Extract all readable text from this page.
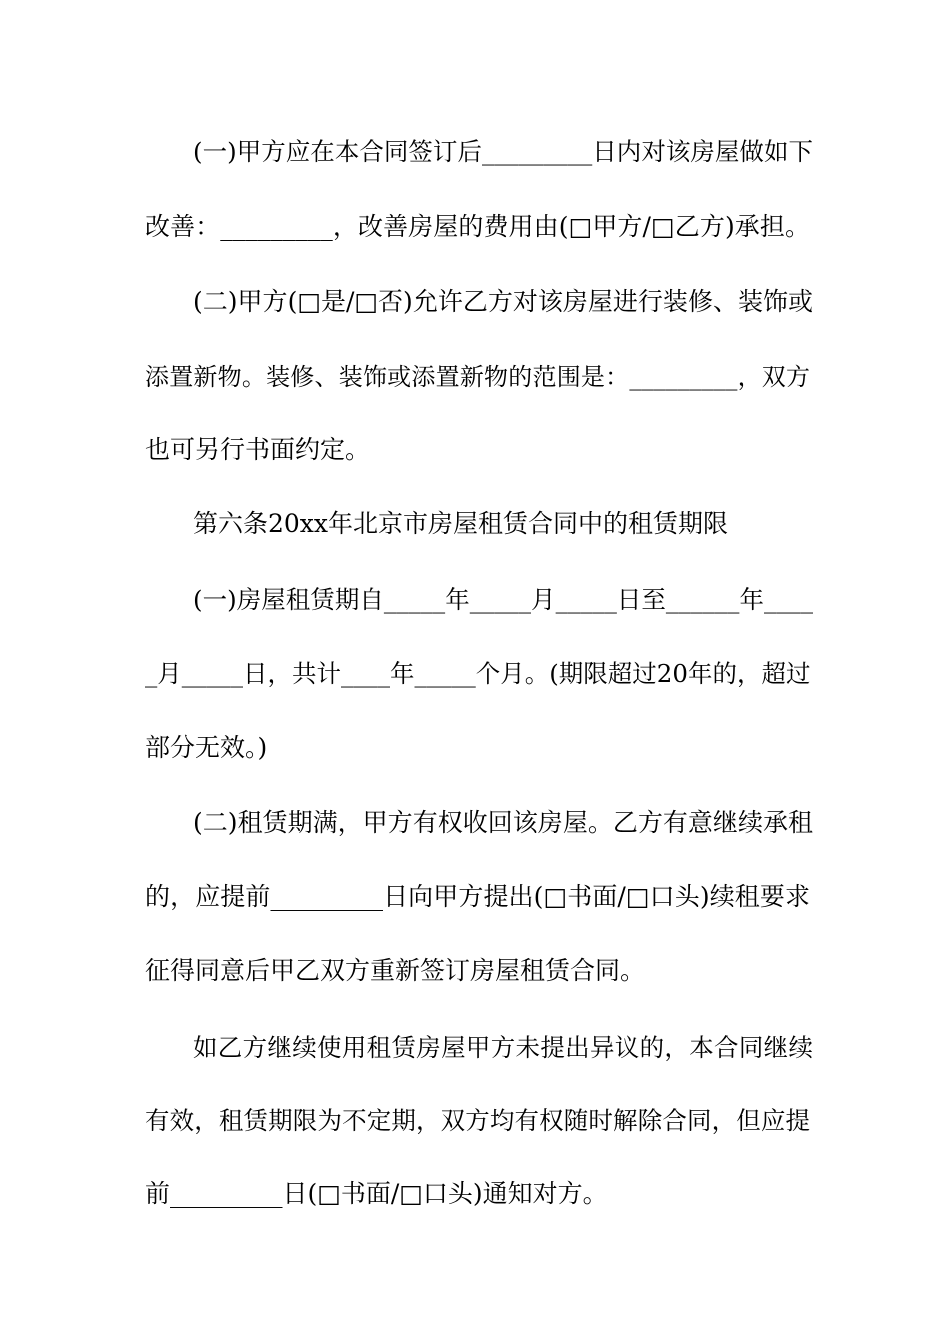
(一)甲方应在本合同签订后_________日内对该房屋做如下
改善：_________，改善房屋的费用由(□甲方/□乙方)承担。
(二)甲方(□是/□否)允许乙方对该房屋进行装修、装饰或
添置新物。装修、装饰或添置新物的范围是：_________，双方
也可另行书面约定。
第六条20xx年北京市房屋租赁合同中的租赁期限
(一)房屋租赁期自_____年_____月_____日至______年____
_月_____日，共计____年_____个月。(期限超过20年的，超过
部分无效。)
(二)租赁期满，甲方有权收回该房屋。乙方有意继续承租
的，应提前_________日向甲方提出(□书面/□口头)续租要求
征得同意后甲乙双方重新签订房屋租赁合同。
如乙方继续使用租赁房屋甲方未提出异议的，本合同继续
有效，租赁期限为不定期，双方均有权随时解除合同，但应提
前_________日(□书面/□口头)通知对方。
